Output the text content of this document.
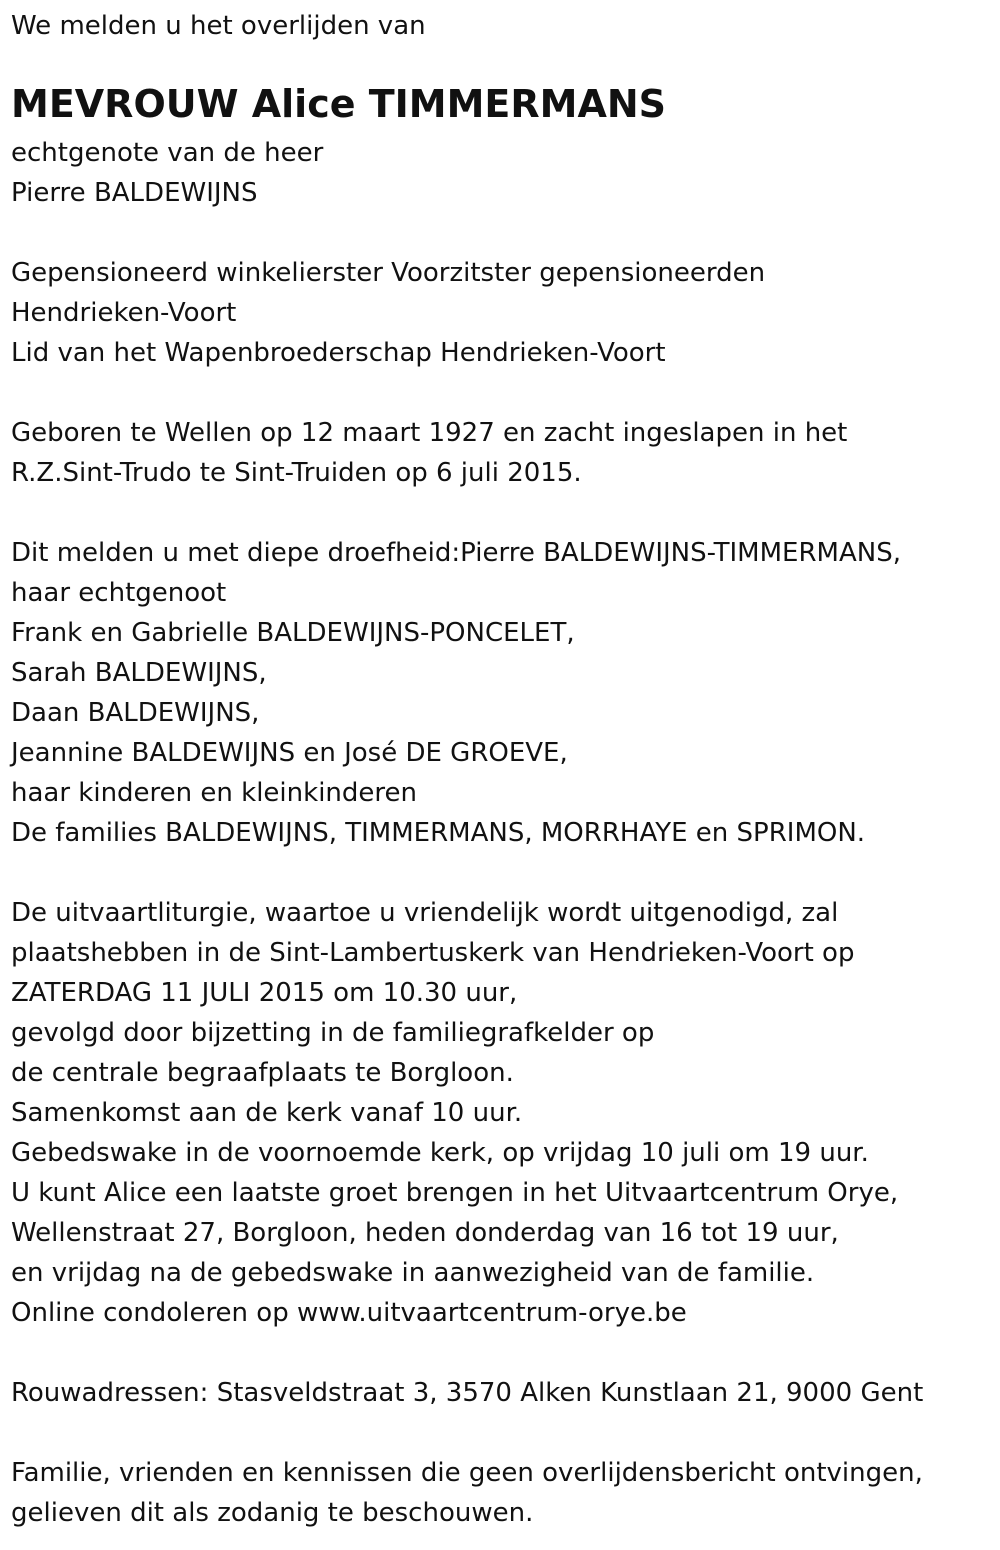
We melden u het overlijden van

MEVROUW Alice TIMMERMANS

echtgenote van de heer

Pierre BALDEWIJNS

Gepensioneerd winkelierster Voorzitster gepensioneerden

Hendrieken-Voort

Lid van het Wapenbroederschap Hendrieken-Voort

Geboren te Wellen op 12 maart 1927 en zacht ingeslapen in het

R.Z.Sint-Trudo te Sint-Truiden op 6 juli 2015.

Dit melden u met diepe droefheid:Pierre BALDEWIJNS-TIMMERMANS,

haar echtgenoot

Frank en Gabrielle BALDEWIJNS-PONCELET,

Sarah BALDEWIJNS,

Daan BALDEWIJNS,

Jeannine BALDEWIJNS en José DE GROEVE,

haar kinderen en kleinkinderen

De families BALDEWIJNS, TIMMERMANS, MORRHAYE en SPRIMON.

De uitvaartliturgie, waartoe u vriendelijk wordt uitgenodigd, zal

plaatshebben in de Sint-Lambertuskerk van Hendrieken-Voort op

ZATERDAG 11 JULI 2015 om 10.30 uur,

gevolgd door bijzetting in de familiegrafkelder op

de centrale begraafplaats te Borgloon.

Samenkomst aan de kerk vanaf 10 uur.

Gebedswake in de voornoemde kerk, op vrijdag 10 juli om 19 uur.

U kunt Alice een laatste groet brengen in het Uitvaartcentrum Orye,

Wellenstraat 27, Borgloon, heden donderdag van 16 tot 19 uur,

en vrijdag na de gebedswake in aanwezigheid van de familie.

Online condoleren op www.uitvaartcentrum-orye.be

Rouwadressen: Stasveldstraat 3, 3570 Alken Kunstlaan 21, 9000 Gent

Familie, vrienden en kennissen die geen overlijdensbericht ontvingen,

gelieven dit als zodanig te beschouwen.
